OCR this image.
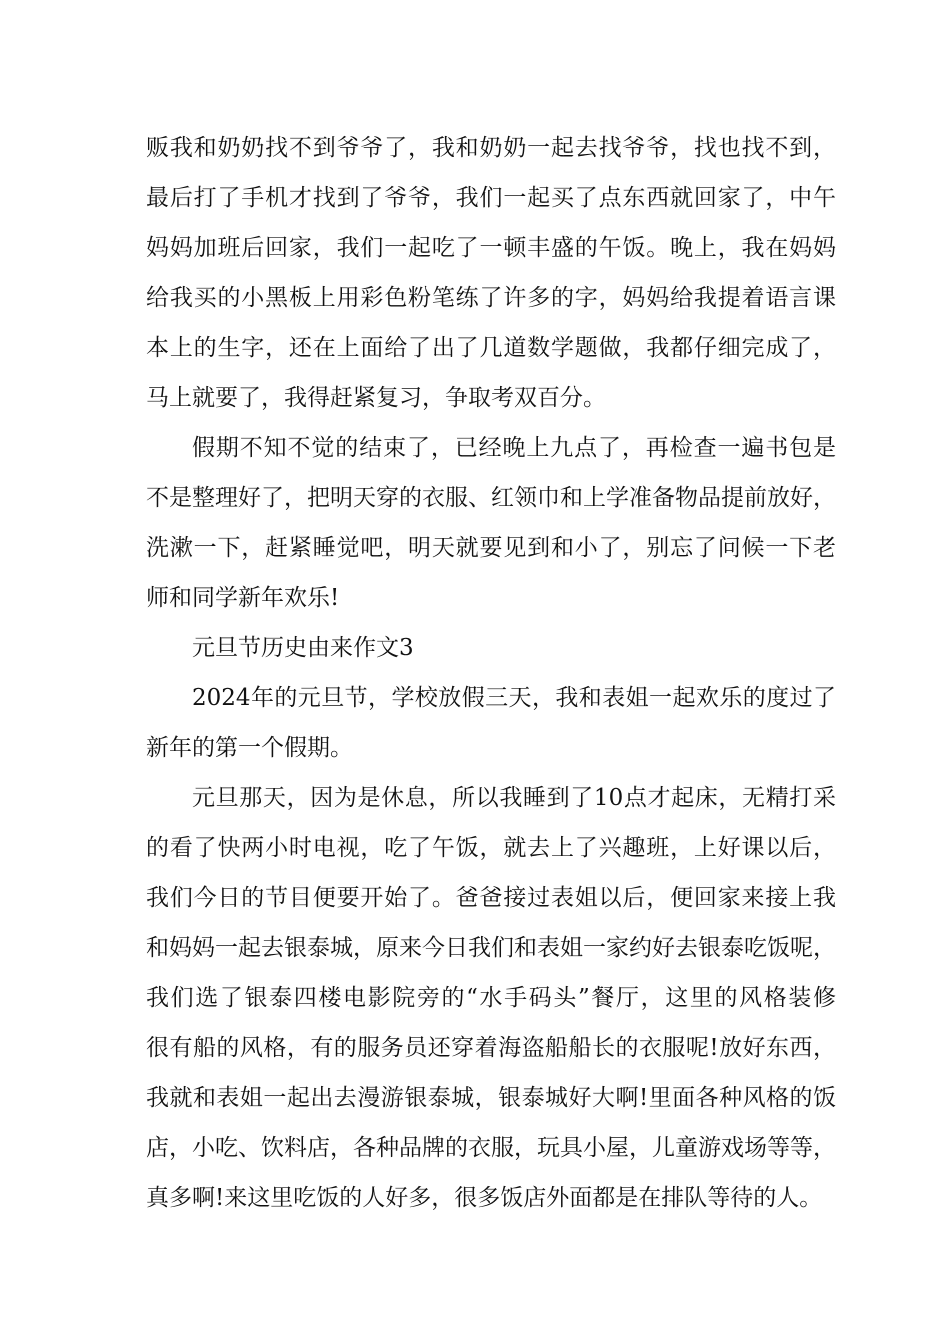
贩我和奶奶找不到爷爷了，我和奶奶一起去找爷爷，找也找不到，
最后打了手机才找到了爷爷，我们一起买了点东西就回家了，中午
妈妈加班后回家，我们一起吃了一顿丰盛的午饭。晚上，我在妈妈
给我买的小黑板上用彩色粉笔练了许多的字，妈妈给我提着语言课
本上的生字，还在上面给了出了几道数学题做，我都仔细完成了，
马上就要了，我得赶紧复习，争取考双百分。
假期不知不觉的结束了，已经晚上九点了，再检查一遍书包是
不是整理好了，把明天穿的衣服、红领巾和上学准备物品提前放好，
洗漱一下，赶紧睡觉吧，明天就要见到和小了，别忘了问候一下老
师和同学新年欢乐!
元旦节历史由来作文3
2024年的元旦节，学校放假三天，我和表姐一起欢乐的度过了
新年的第一个假期。
元旦那天，因为是休息，所以我睡到了10点才起床，无精打采
的看了快两小时电视，吃了午饭，就去上了兴趣班，上好课以后，
我们今日的节目便要开始了。爸爸接过表姐以后，便回家来接上我
和妈妈一起去银泰城，原来今日我们和表姐一家约好去银泰吃饭呢，
我们选了银泰四楼电影院旁的“水手码头”餐厅，这里的风格装修
很有船的风格，有的服务员还穿着海盗船船长的衣服呢!放好东西，
我就和表姐一起出去漫游银泰城，银泰城好大啊!里面各种风格的饭
店，小吃、饮料店，各种品牌的衣服，玩具小屋，儿童游戏场等等，
真多啊!来这里吃饭的人好多，很多饭店外面都是在排队等待的人。
